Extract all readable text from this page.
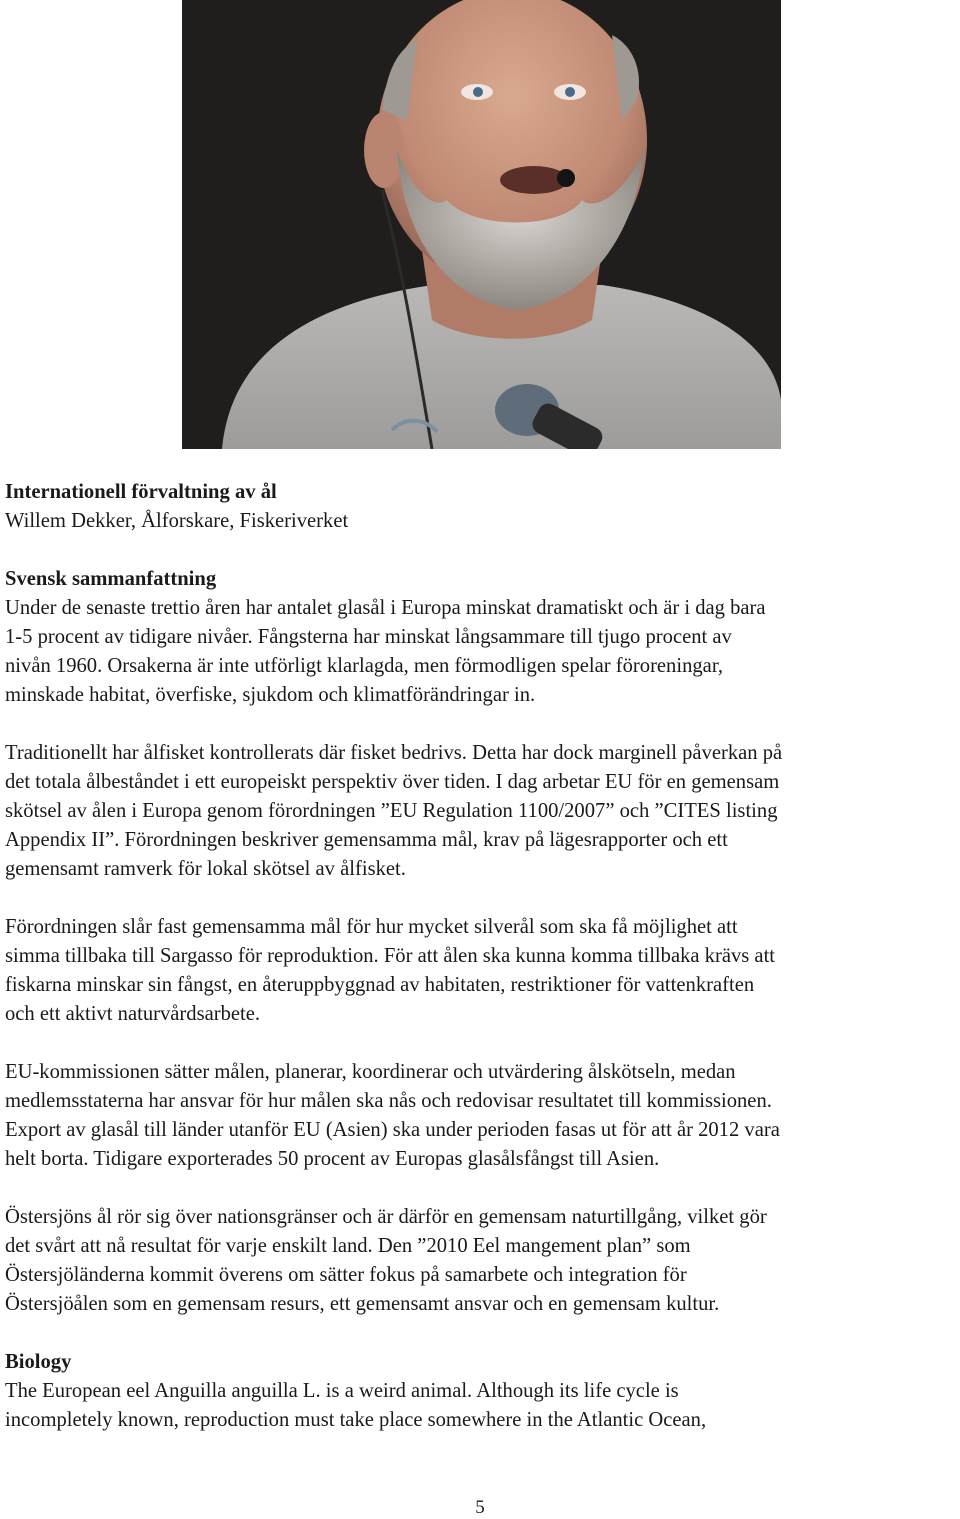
Internationell förvaltning av ål
Willem Dekker, Ålforskare, Fiskeriverket

Svensk sammanfattning
Under de senaste trettio åren har antalet glasål i Europa minskat dramatiskt och är i dag bara
1-5 procent av tidigare nivåer. Fångsterna har minskat långsammare till tjugo procent av
nivån 1960. Orsakerna är inte utförligt klarlagda, men förmodligen spelar föroreningar,
minskade habitat, överfiske, sjukdom och klimatförändringar in.

Traditionellt har ålfisket kontrollerats där fisket bedrivs. Detta har dock marginell påverkan på
det totala ålbeståndet i ett europeiskt perspektiv över tiden. I dag arbetar EU för en gemensam
skötsel av ålen i Europa genom förordningen ”EU Regulation 1100/2007” och ”CITES listing
Appendix II”. Förordningen beskriver gemensamma mål, krav på lägesrapporter och ett
gemensamt ramverk för lokal skötsel av ålfisket.

Förordningen slår fast gemensamma mål för hur mycket silverål som ska få möjlighet att
simma tillbaka till Sargasso för reproduktion. För att ålen ska kunna komma tillbaka krävs att
fiskarna minskar sin fångst, en återuppbyggnad av habitaten, restriktioner för vattenkraften
och ett aktivt naturvårdsarbete.

EU-kommissionen sätter målen, planerar, koordinerar och utvärdering ålskötseln, medan
medlemsstaterna har ansvar för hur målen ska nås och redovisar resultatet till kommissionen.
Export av glasål till länder utanför EU (Asien) ska under perioden fasas ut för att år 2012 vara
helt borta. Tidigare exporterades 50 procent av Europas glasålsfångst till Asien.

Östersjöns ål rör sig över nationsgränser och är därför en gemensam naturtillgång, vilket gör
det svårt att nå resultat för varje enskilt land. Den ”2010 Eel mangement plan” som
Östersjöländerna kommit överens om sätter fokus på samarbete och integration för
Östersjöålen som en gemensam resurs, ett gemensamt ansvar och en gemensam kultur.

Biology
The European eel Anguilla anguilla L. is a weird animal. Although its life cycle is
incompletely known, reproduction must take place somewhere in the Atlantic Ocean,

5
